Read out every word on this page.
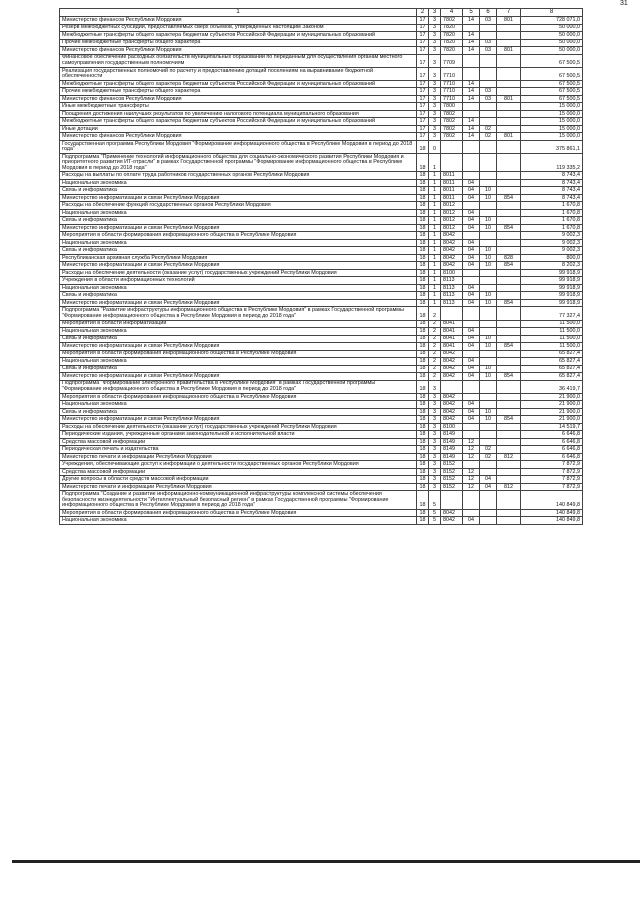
31
1	2	3	4	5	6	7	8
Министерство финансов Республики Мордовия	17	3	7802	14	03	801	728 071,0
Резерв межбюджетных субсидий, предоставляемых сверх объемов, утвержденных настоящим Законом	17	3	7820				50 000,0
Межбюджетные трансферты общего характера бюджетам субъектов Российской Федерации и муниципальных образований	17	3	7820	14			50 000,0
Прочие межбюджетные трансферты общего характера	17	3	7820	14	03		50 000,0
Министерство финансов Республики Мордовия	17	3	7820	14	03	801	50 000,0
Финансовое обеспечение расходных обязательств муниципальных образований по переданным для осуществления органам местного самоуправления государственным полномочиям	17	3	7709				67 500,5
Реализация государственных полномочий по расчету и предоставлению дотаций поселениям на выравнивание бюджетной обеспеченности	17	3	7710				67 500,5
Межбюджетные трансферты общего характера бюджетам субъектов Российской Федерации и муниципальных образований	17	3	7710	14			67 500,5
Прочие межбюджетные трансферты общего характера	17	3	7710	14	03		67 500,5
Министерство финансов Республики Мордовия	17	3	7710	14	03	801	67 500,5
Иные межбюджетные трансферты	17	3	7800				15 000,0
Поощрения достижения наилучших результатов по увеличению налогового потенциала муниципального образования	17	3	7802				15 000,0
Межбюджетные трансферты общего характера бюджетам субъектов Российской Федерации и муниципальных образований	17	3	7802	14			15 000,0
Иные дотации	17	3	7802	14	02		15 000,0
Министерство финансов Республики Мордовия	17	3	7802	14	02	801	15 000,0
Государственная программа Республики Мордовия "Формирование информационного общества в Республике Мордовия в период до 2018 года"	18	0					375 861,1
Подпрограмма "Применение технологий информационного общества для социально-экономического развития Республики Мордовия и приоритетного развития ИТ-отрасли" в рамках Государственной программы "Формирование информационного общества в Республике Мордовия в период до 2018 года"	18	1					119 335,2
Расходы на выплаты по оплате труда работников государственных органов Республики Мордовия	18	1	8011				8 743,4
Национальная экономика	18	1	8011	04			8 743,4
Связь и информатика	18	1	8011	04	10		8 743,4
Министерство информатизации и связи Республики Мордовия	18	1	8011	04	10	854	8 743,4
Расходы на обеспечение функций государственных органов Республики Мордовия	18	1	8012				1 670,8
Национальная экономика	18	1	8012	04			1 670,8
Связь и информатика	18	1	8012	04	10		1 670,8
Министерство информатизации и связи Республики Мордовия	18	1	8012	04	10	854	1 670,8
Мероприятия в области формирования информационного общества в Республике Мордовия	18	1	8042				9 002,3
Национальная экономика	18	1	8042	04			9 002,3
Связь и информатика	18	1	8042	04	10		9 002,3
Республиканская архивная служба Республики Мордовия	18	1	8042	04	10	828	800,0
Министерство информатизации и связи Республики Мордовия	18	1	8042	04	10	854	8 202,3
Расходы на обеспечение деятельности (оказание услуг) государственных учреждений Республики Мордовия	18	1	8100				99 918,9
Учреждения в области информационных технологий	18	1	8113				99 918,9
Национальная экономика	18	1	8113	04			99 918,9
Связь и информатика	18	1	8113	04	10		99 918,9
Министерство информатизации и связи Республики Мордовия	18	1	8113	04	10	854	99 918,9
Подпрограмма "Развитие инфраструктуры информационного общества в Республике Мордовия" в рамках Государственной программы "Формирование информационного общества в Республике Мордовия в период до 2018 года"	18	2					77 327,4
Мероприятия в области информатизации	18	2	8041				11 500,0
Национальная экономика	18	2	8041	04			11 500,0
Связь и информатика	18	2	8041	04	10		11 500,0
Министерство информатизации и связи Республики Мордовия	18	2	8041	04	10	854	11 500,0
Мероприятия в области формирования информационного общества в Республике Мордовия	18	2	8042				65 827,4
Национальная экономика	18	2	8042	04			65 827,4
Связь и информатика	18	2	8042	04	10		65 827,4
Министерство информатизации и связи Республики Мордовия	18	2	8042	04	10	854	65 827,4
Подпрограмма "Формирование электронного правительства в Республике Мордовия" в рамках Государственной программы "Формирование информационного общества в Республике Мордовия в период до 2018 года"	18	3					36 419,7
Мероприятия в области формирования информационного общества в Республике Мордовия	18	3	8042				21 900,0
Национальная экономика	18	3	8042	04			21 900,0
Связь и информатика	18	3	8042	04	10		21 900,0
Министерство информатизации и связи Республики Мордовия	18	3	8042	04	10	854	21 900,0
Расходы на обеспечение деятельности (оказание услуг) государственных учреждений Республики Мордовия	18	3	8100				14 519,7
Периодические издания, учрежденные органами законодательной и исполнительной власти	18	3	8149				6 646,8
Средства массовой информации	18	3	8149	12			6 646,8
Периодическая печать и издательства	18	3	8149	12	02		6 646,8
Министерство печати и информации Республики Мордовия	18	3	8149	12	02	812	6 646,8
Учреждения, обеспечивающие доступ к информации о деятельности государственных органов Республики Мордовия	18	3	8152				7 872,9
Средства массовой информации	18	3	8152	12			7 872,9
Другие вопросы в области средств массовой информации	18	3	8152	12	04		7 872,9
Министерство печати и информации Республики Мордовия	18	3	8152	12	04	812	7 872,9
Подпрограмма "Создание и развитие информационно-коммуникационной инфраструктуры комплексной системы обеспечения безопасности жизнедеятельности "Интеллектуальный безопасный регион" в рамках Государственной программы "Формирование информационного общества в Республике Мордовия в период до 2018 года"	18	5					140 849,8
Мероприятия в области формирования информационного общества в Республике Мордовия	18	5	8042				140 849,8
Национальная экономика	18	5	8042	04			140 849,8
